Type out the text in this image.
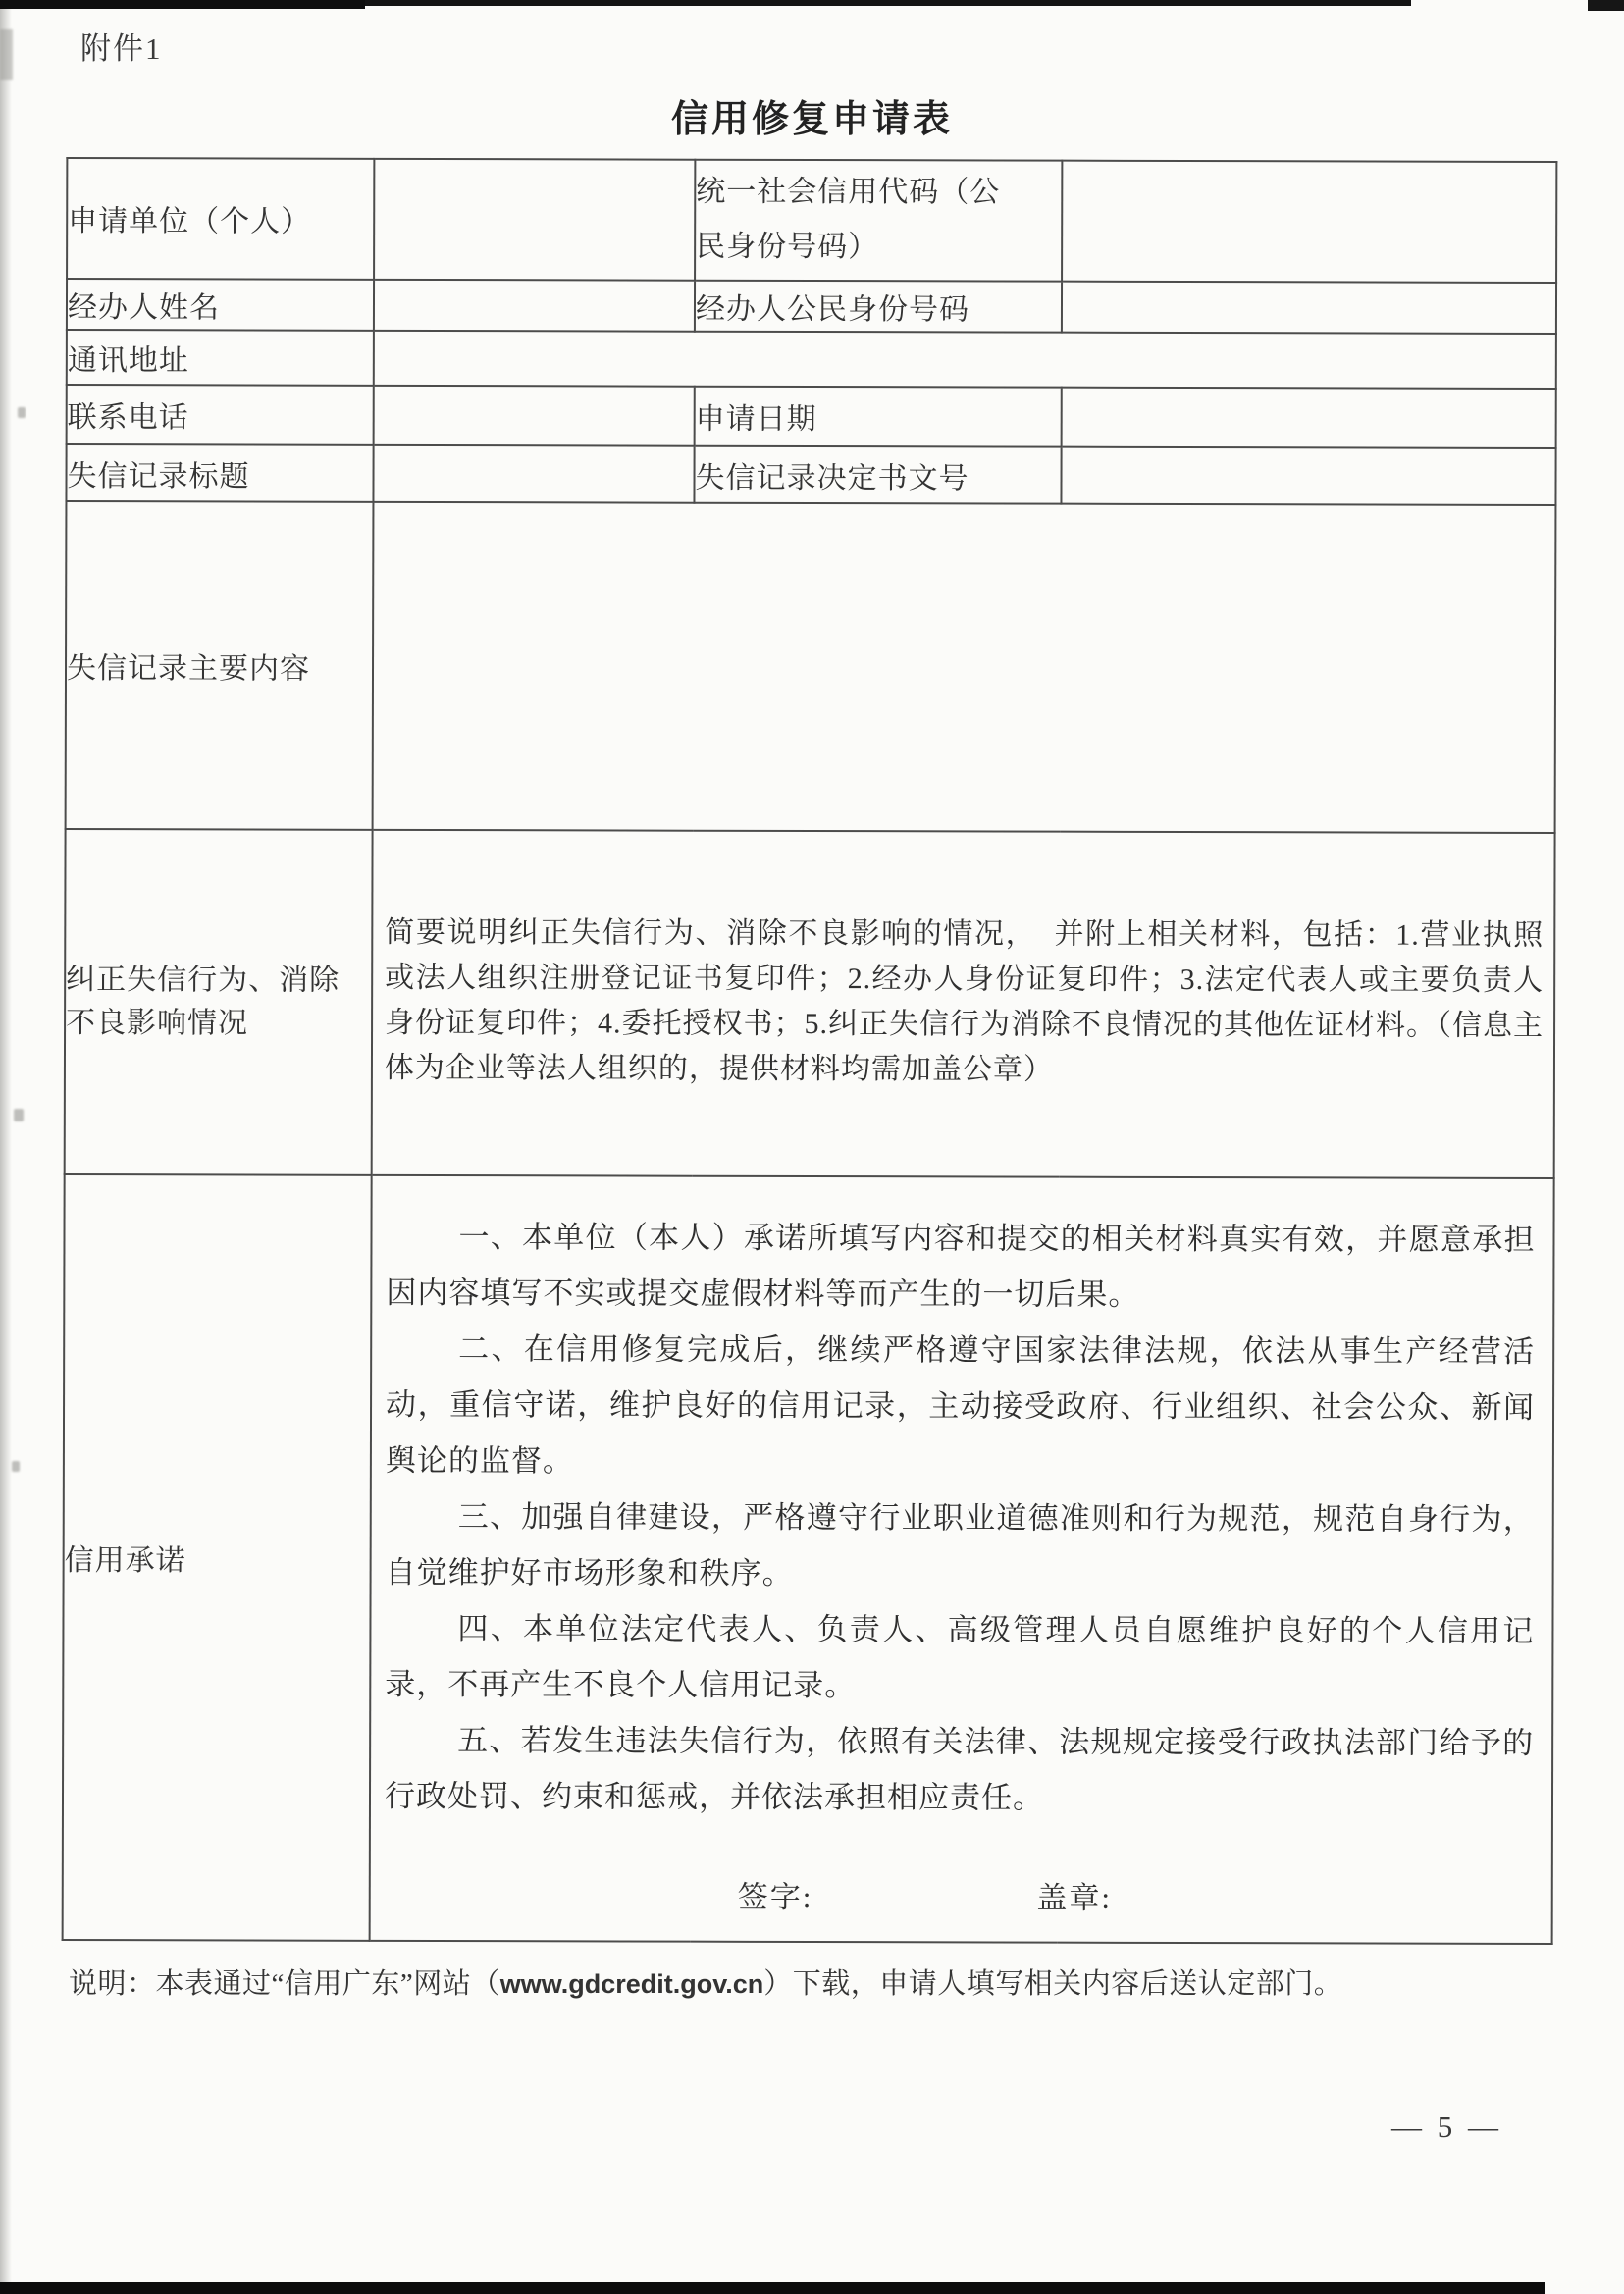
附件1
信用修复申请表
申请单位（个人）		统一社会信用代码（公
民身份号码）	
经办人姓名		经办人公民身份号码	
通讯地址			
联系电话		申请日期	
失信记录标题		失信记录决定书文号	
失信记录主要内容			
纠正失信行为、消除
不良影响情况	简要说明纠正失信行为、消除不良影响的情况，  并附上相关材料，包括：1.营业执照或法人组织注册登记证书复印件；2.经办人身份证复印件；3.法定代表人或主要负责人身份证复印件；4.委托授权书；5.纠正失信行为消除不良情况的其他佐证材料。（信息主体为企业等法人组织的，提供材料均需加盖公章）		

信用承诺	

一、本单位（本人）承诺所填写内容和提交的相关材料真实有效，并愿意承担因内容填写不实或提交虚假材料等而产生的一切后果。

二、在信用修复完成后，继续严格遵守国家法律法规，依法从事生产经营活动，重信守诺，维护良好的信用记录，主动接受政府、行业组织、社会公众、新闻舆论的监督。

三、加强自律建设，严格遵守行业职业道德准则和行为规范，规范自身行为，自觉维护好市场形象和秩序。

四、本单位法定代表人、负责人、高级管理人员自愿维护良好的个人信用记录，不再产生不良个人信用记录。

五、若发生违法失信行为，依照有关法律、法规规定接受行政执法部门给予的行政处罚、约束和惩戒，并依法承担相应责任。

签字:	盖章:
说明：本表通过“信用广东”网站（www.gdcredit.gov.cn）下载，申请人填写相关内容后送认定部门。
— 5 —
